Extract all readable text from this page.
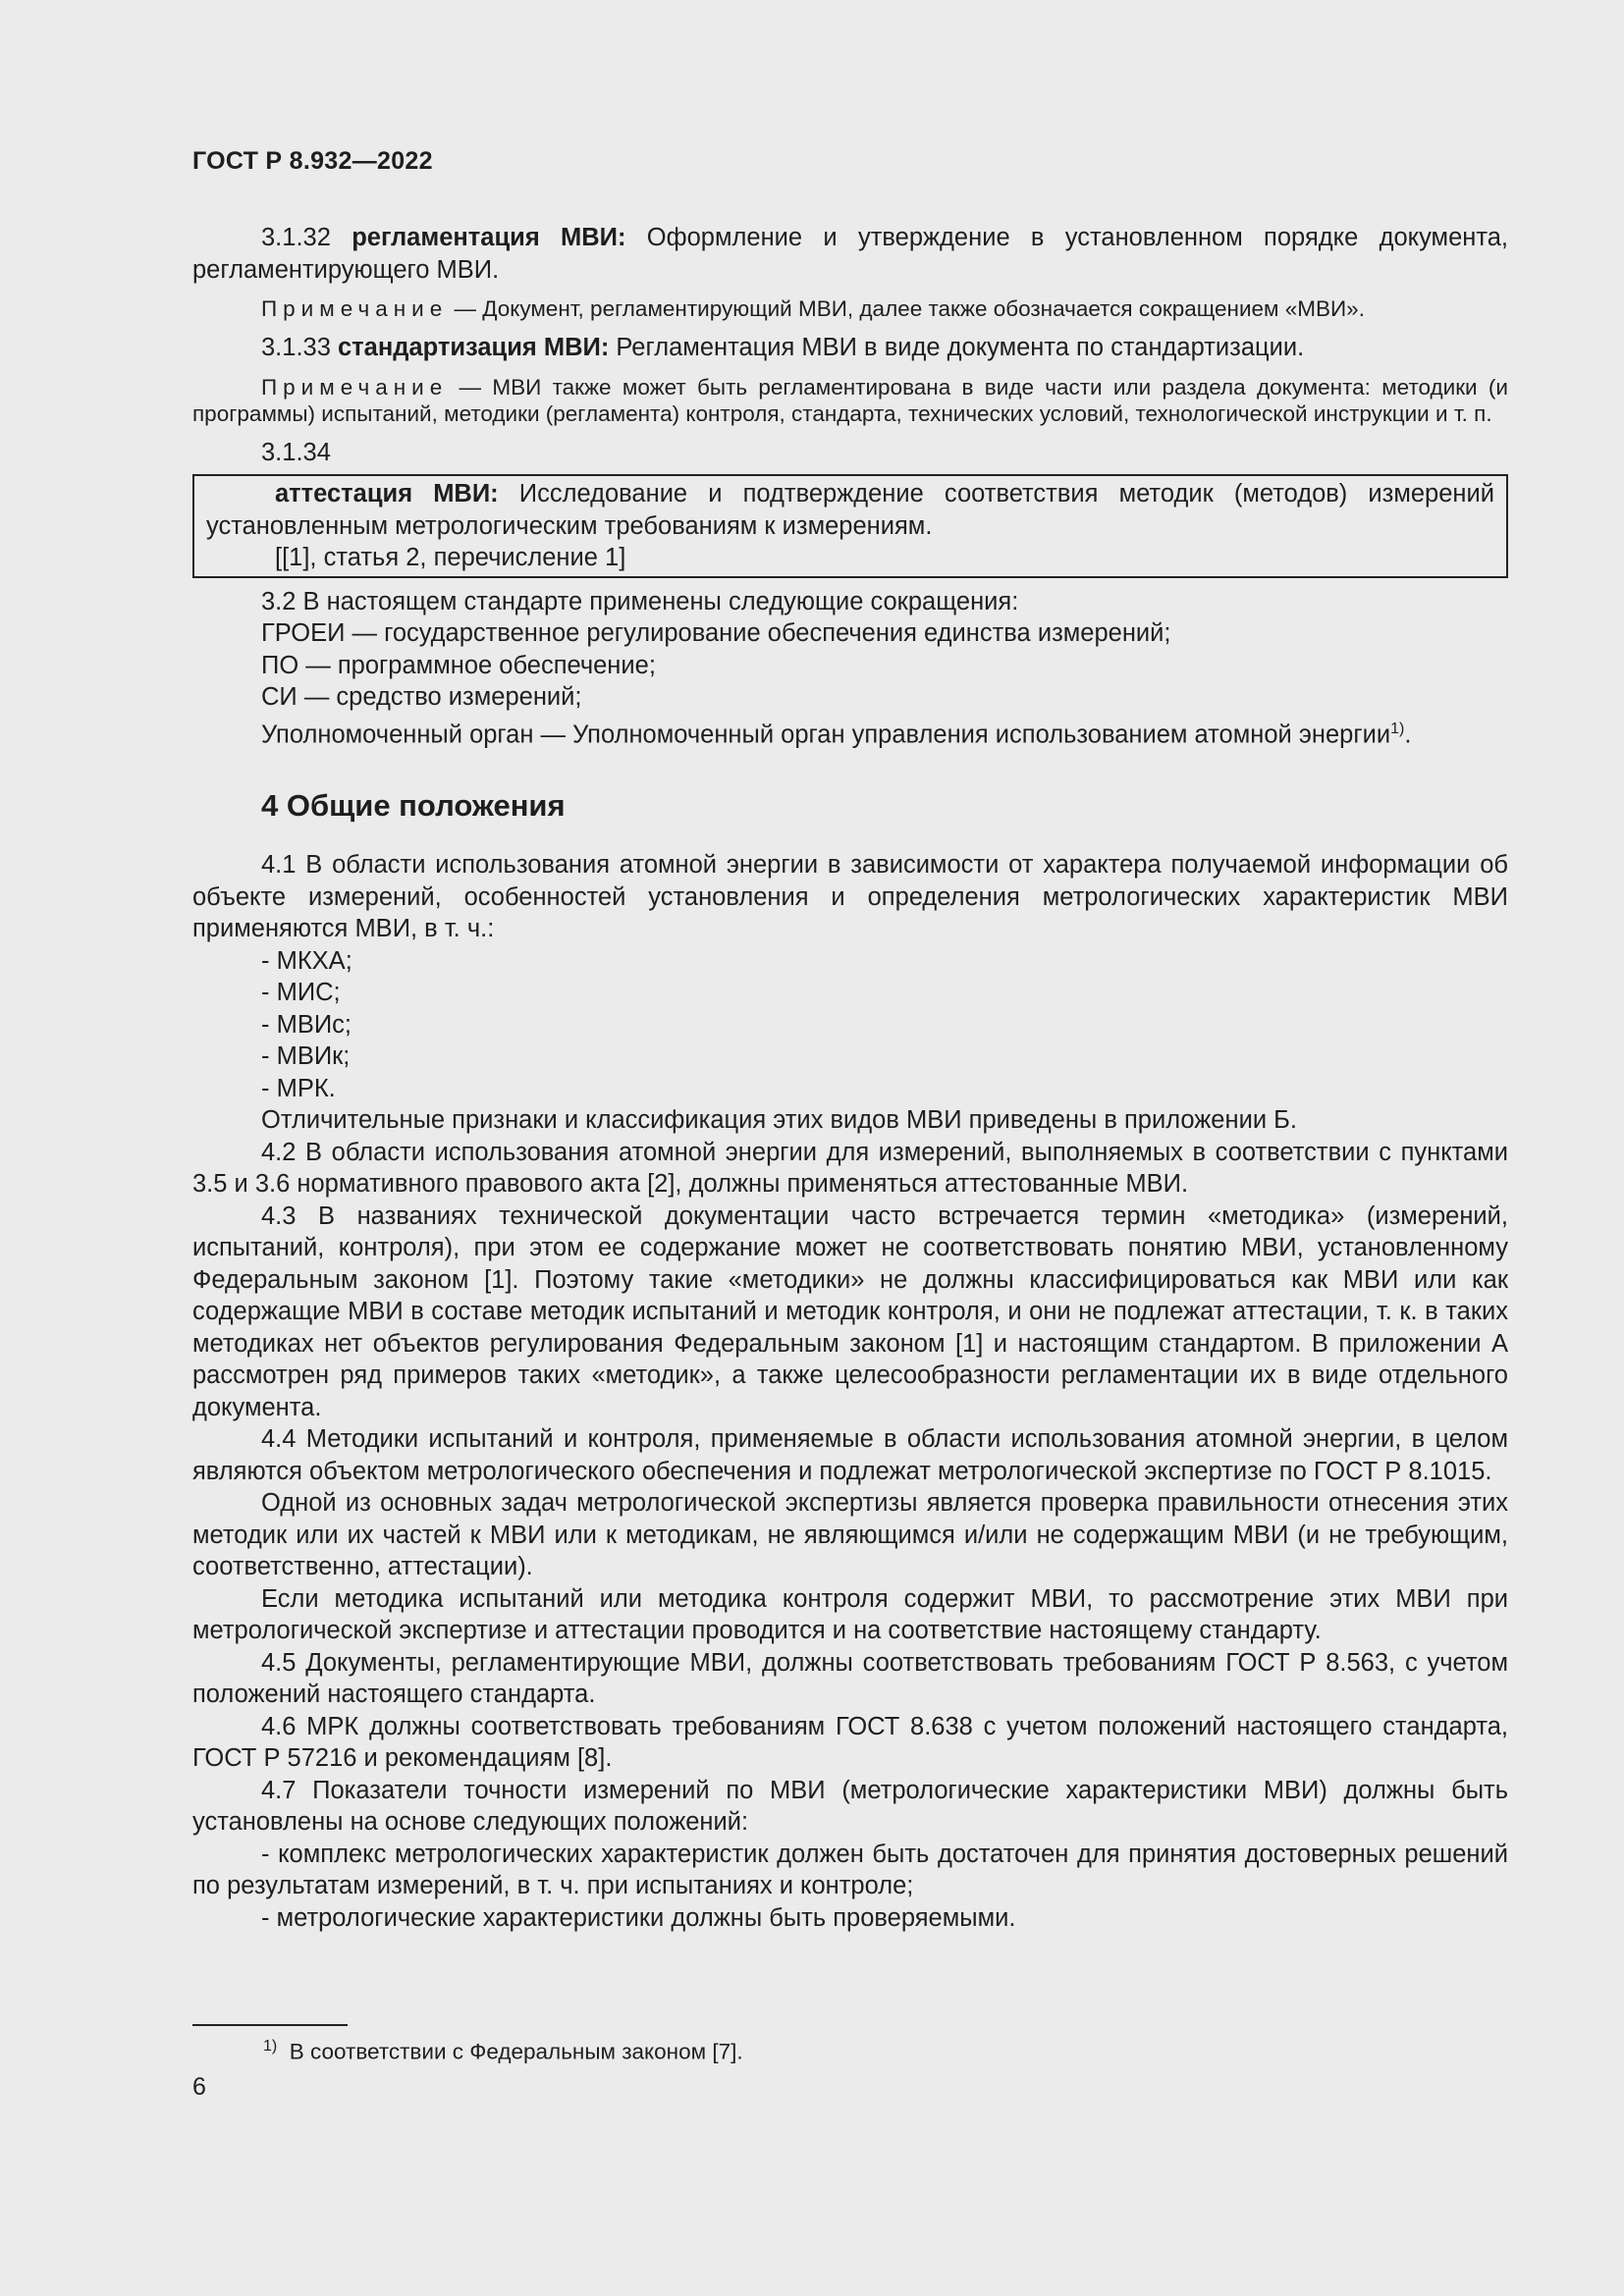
ГОСТ Р 8.932—2022

3.1.32 регламентация МВИ: Оформление и утверждение в установленном порядке документа, регламентирующего МВИ.

Примечание — Документ, регламентирующий МВИ, далее также обозначается сокращением «МВИ».

3.1.33 стандартизация МВИ: Регламентация МВИ в виде документа по стандартизации.

Примечание — МВИ также может быть регламентирована в виде части или раздела документа: методики (и программы) испытаний, методики (регламента) контроля, стандарта, технических условий, технологической инструкции и т. п.

3.1.34

аттестация МВИ: Исследование и подтверждение соответствия методик (методов) измерений установленным метрологическим требованиям к измерениям.

[[1], статья 2, перечисление 1]

3.2 В настоящем стандарте применены следующие сокращения:

ГРОЕИ — государственное регулирование обеспечения единства измерений;

ПО — программное обеспечение;

СИ — средство измерений;

Уполномоченный орган — Уполномоченный орган управления использованием атомной энергии$^{1)}$.

4 Общие положения

4.1 В области использования атомной энергии в зависимости от характера получаемой информации об объекте измерений, особенностей установления и определения метрологических характеристик МВИ применяются МВИ, в т. ч.:

- МКХА;

- МИС;

- МВИс;

- МВИк;

- МРК.

Отличительные признаки и классификация этих видов МВИ приведены в приложении Б.

4.2 В области использования атомной энергии для измерений, выполняемых в соответствии с пунктами 3.5 и 3.6 нормативного правового акта [2], должны применяться аттестованные МВИ.

4.3 В названиях технической документации часто встречается термин «методика» (измерений, испытаний, контроля), при этом ее содержание может не соответствовать понятию МВИ, установленному Федеральным законом [1]. Поэтому такие «методики» не должны классифицироваться как МВИ или как содержащие МВИ в составе методик испытаний и методик контроля, и они не подлежат аттестации, т. к. в таких методиках нет объектов регулирования Федеральным законом [1] и настоящим стандартом. В приложении А рассмотрен ряд примеров таких «методик», а также целесообразности регламентации их в виде отдельного документа.

4.4 Методики испытаний и контроля, применяемые в области использования атомной энергии, в целом являются объектом метрологического обеспечения и подлежат метрологической экспертизе по ГОСТ Р 8.1015.

Одной из основных задач метрологической экспертизы является проверка правильности отнесения этих методик или их частей к МВИ или к методикам, не являющимся и/или не содержащим МВИ (и не требующим, соответственно, аттестации).

Если методика испытаний или методика контроля содержит МВИ, то рассмотрение этих МВИ при метрологической экспертизе и аттестации проводится и на соответствие настоящему стандарту.

4.5 Документы, регламентирующие МВИ, должны соответствовать требованиям ГОСТ Р 8.563, с учетом положений настоящего стандарта.

4.6 МРК должны соответствовать требованиям ГОСТ 8.638 с учетом положений настоящего стандарта, ГОСТ Р 57216 и рекомендациям [8].

4.7 Показатели точности измерений по МВИ (метрологические характеристики МВИ) должны быть установлены на основе следующих положений:

- комплекс метрологических характеристик должен быть достаточен для принятия достоверных решений по результатам измерений, в т. ч. при испытаниях и контроле;

- метрологические характеристики должны быть проверяемыми.

$^{1)}$ В соответствии с Федеральным законом [7].
6
